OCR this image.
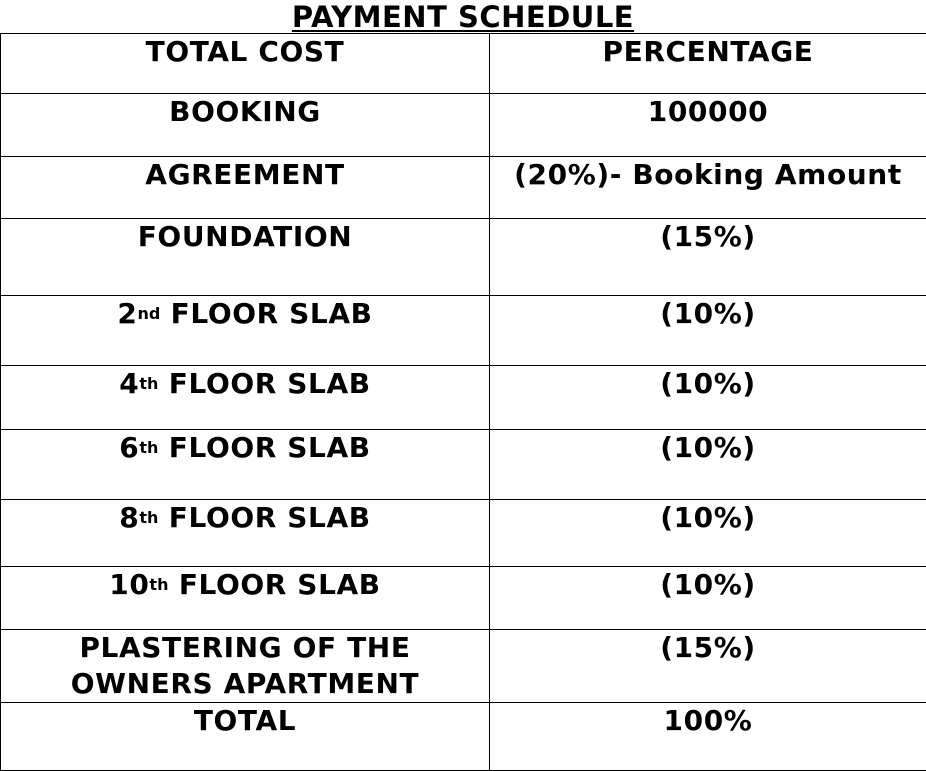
PAYMENT SCHEDULE
TOTAL COST	PERCENTAGE
BOOKING	100000
AGREEMENT	(20%)- Booking Amount
FOUNDATION	(15%)
2nd FLOOR SLAB	(10%)
4th FLOOR SLAB	(10%)
6th FLOOR SLAB	(10%)
8th FLOOR SLAB	(10%)
10th FLOOR SLAB	(10%)

PLASTERING OF THE
OWNERS APARTMENT	(15%)
TOTAL	100%
